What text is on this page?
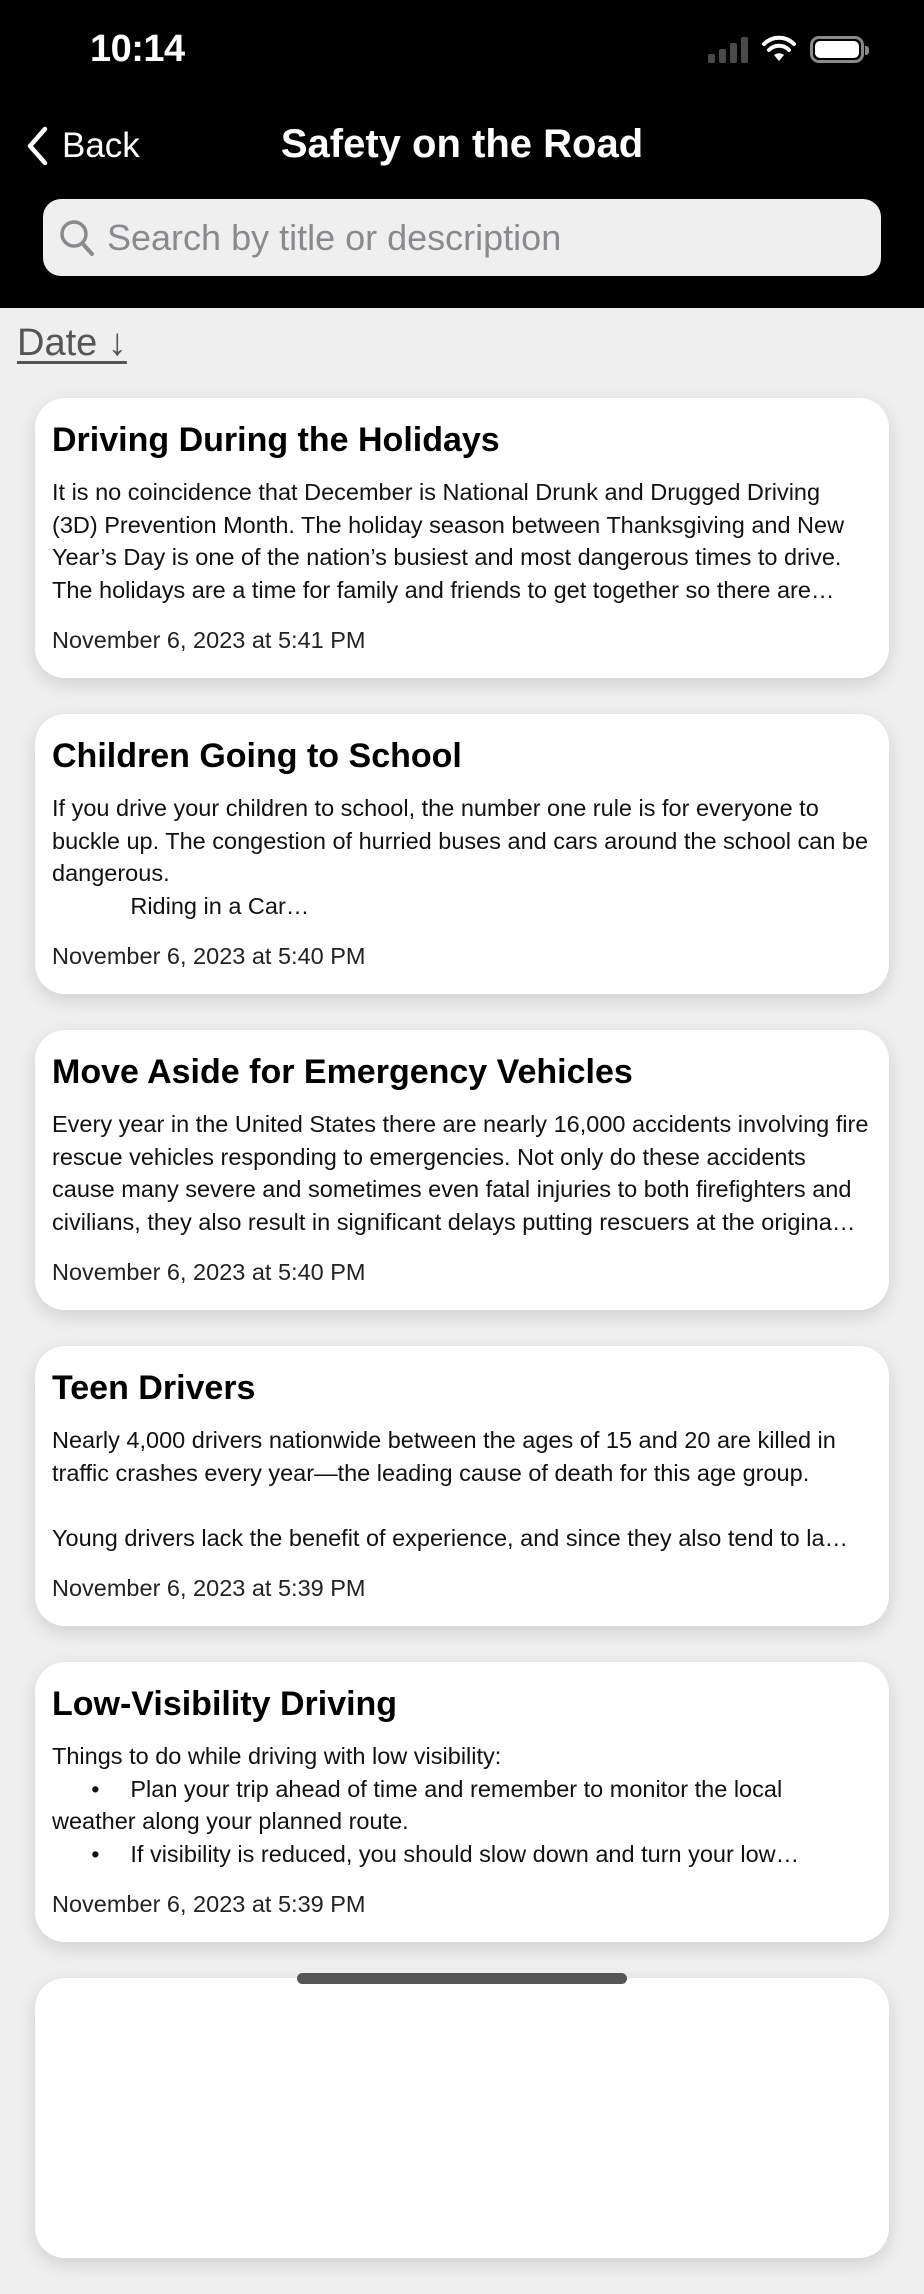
10:14
Back	Safety on the Road
Search by title or description
Date ↓
Driving During the Holidays
It is no coincidence that December is National Drunk and Drugged Driving (3D) Prevention Month. The holiday season between Thanksgiving and New Year’s Day is one of the nation’s busiest and most dangerous times to drive. The holidays are a time for family and friends to get together so there are…
November 6, 2023 at 5:41 PM
Children Going to School
If you drive your children to school, the number one rule is for everyone to buckle up. The congestion of hurried buses and cars around the school can be dangerous.
		Riding in a Car…
November 6, 2023 at 5:40 PM
Move Aside for Emergency Vehicles
Every year in the United States there are nearly 16,000 accidents involving fire rescue vehicles responding to emergencies. Not only do these accidents cause many severe and sometimes even fatal injuries to both firefighters and civilians, they also result in significant delays putting rescuers at the origina…
November 6, 2023 at 5:40 PM
Teen Drivers
Nearly 4,000 drivers nationwide between the ages of 15 and 20 are killed in traffic crashes every year—the leading cause of death for this age group.

Young drivers lack the benefit of experience, and since they also tend to la…
November 6, 2023 at 5:39 PM
Low-Visibility Driving
Things to do while driving with low visibility:
	•	Plan your trip ahead of time and remember to monitor the local weather along your planned route.
	•	If visibility is reduced, you should slow down and turn your low…
November 6, 2023 at 5:39 PM
